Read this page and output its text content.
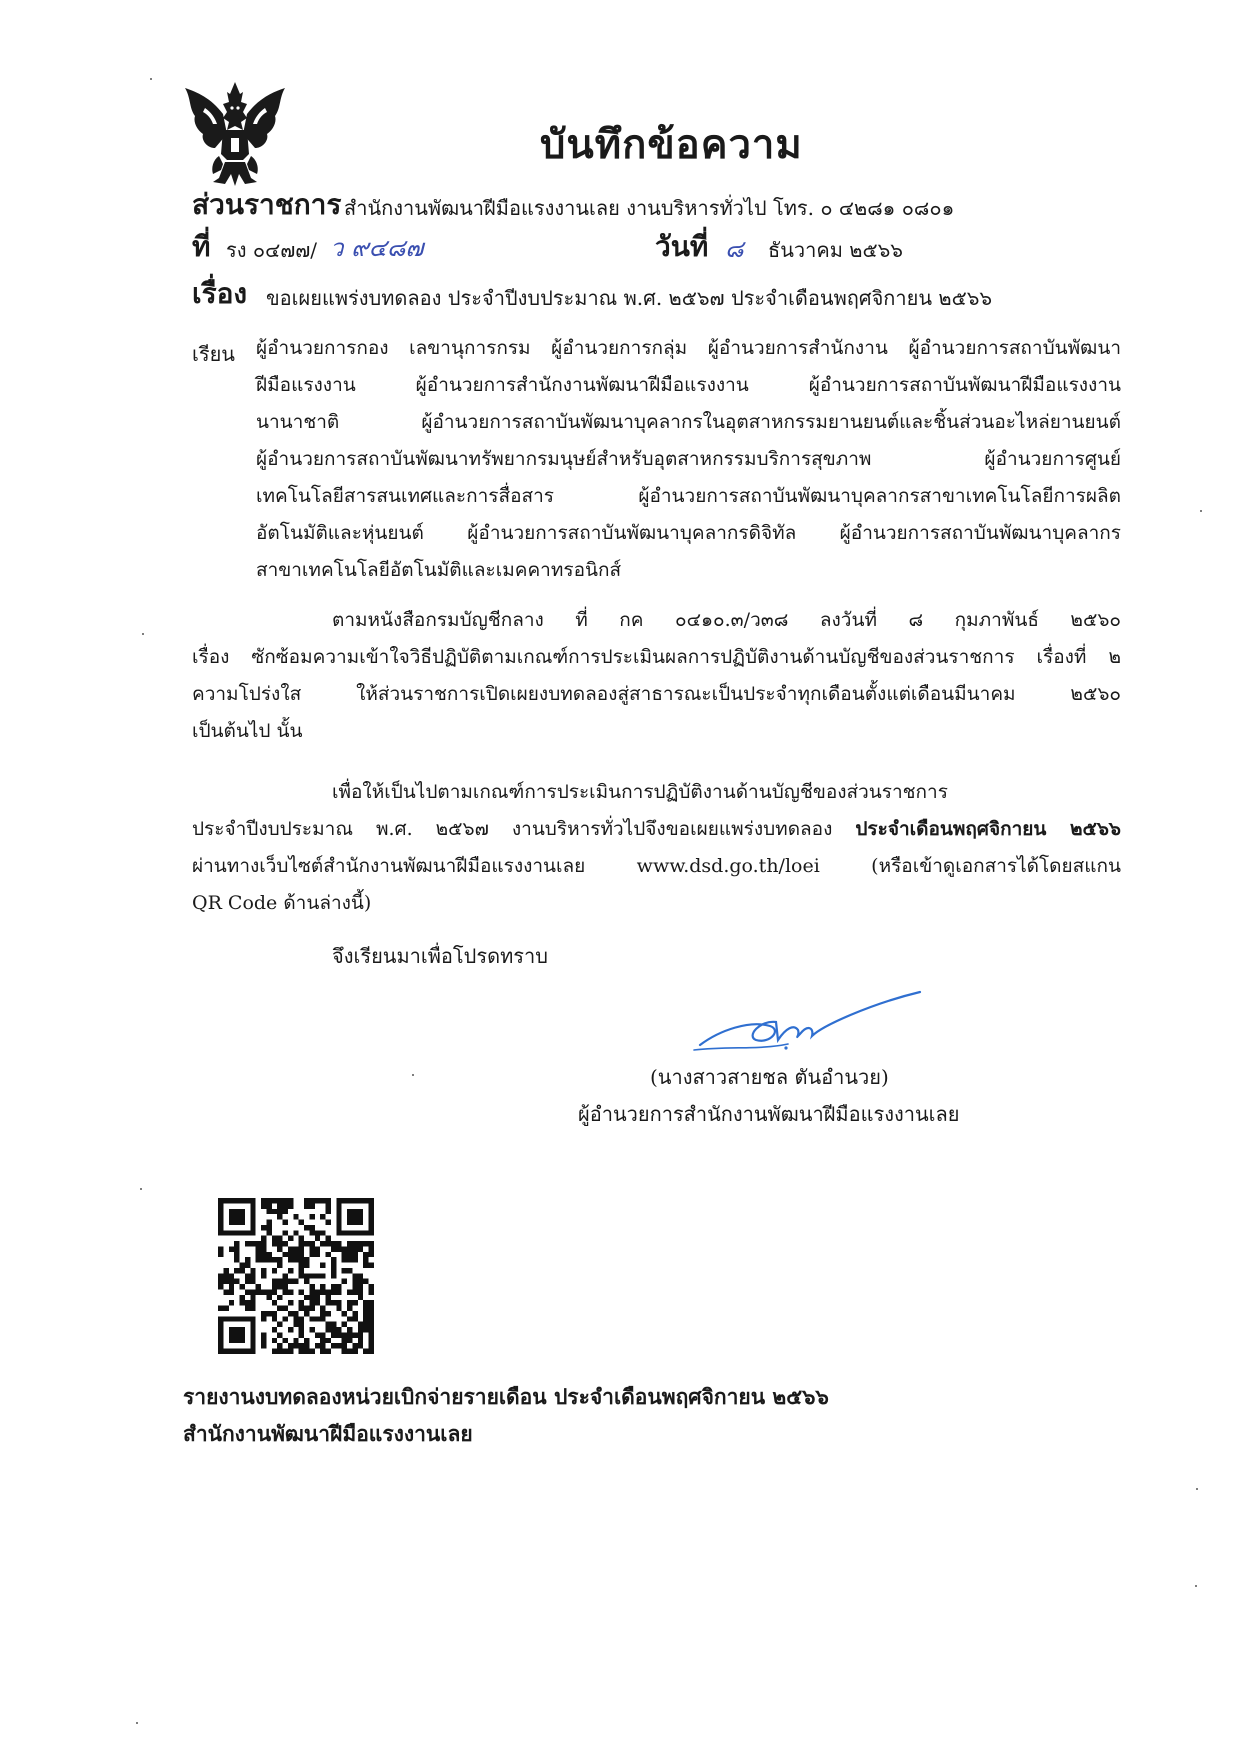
บันทึกข้อความ
ส่วนราชการ สำนักงานพัฒนาฝีมือแรงงานเลย งานบริหารทั่วไป โทร. ๐ ๔๒๘๑ ๐๘๐๑
ที่ รง ๐๔๗๗/ ว ๙๔๘๗	วันที่ ๘ ธันวาคม ๒๕๖๖
เรื่อง ขอเผยแพร่งบทดลอง ประจำปีงบประมาณ พ.ศ. ๒๕๖๗ ประจำเดือนพฤศจิกายน ๒๕๖๖
เรียน ผู้อำนวยการกอง เลขานุการกรม ผู้อำนวยการกลุ่ม ผู้อำนวยการสำนักงาน ผู้อำนวยการสถาบันพัฒนา
ฝีมือแรงงาน ผู้อำนวยการสำนักงานพัฒนาฝีมือแรงงาน ผู้อำนวยการสถาบันพัฒนาฝีมือแรงงาน
นานาชาติ ผู้อำนวยการสถาบันพัฒนาบุคลากรในอุตสาหกรรมยานยนต์และชิ้นส่วนอะไหล่ยานยนต์
ผู้อำนวยการสถาบันพัฒนาทรัพยากรมนุษย์สำหรับอุตสาหกรรมบริการสุขภาพ ผู้อำนวยการศูนย์
เทคโนโลยีสารสนเทศและการสื่อสาร ผู้อำนวยการสถาบันพัฒนาบุคลากรสาขาเทคโนโลยีการผลิต
อัตโนมัติและหุ่นยนต์ ผู้อำนวยการสถาบันพัฒนาบุคลากรดิจิทัล ผู้อำนวยการสถาบันพัฒนาบุคลากร
สาขาเทคโนโลยีอัตโนมัติและเมคคาทรอนิกส์
ตามหนังสือกรมบัญชีกลาง ที่ กค ๐๔๑๐.๓/ว๓๘ ลงวันที่ ๘ กุมภาพันธ์ ๒๕๖๐
เรื่อง ซักซ้อมความเข้าใจวิธีปฏิบัติตามเกณฑ์การประเมินผลการปฏิบัติงานด้านบัญชีของส่วนราชการ เรื่องที่ ๒
ความโปร่งใส ให้ส่วนราชการเปิดเผยงบทดลองสู่สาธารณะเป็นประจำทุกเดือนตั้งแต่เดือนมีนาคม ๒๕๖๐
เป็นต้นไป นั้น
เพื่อให้เป็นไปตามเกณฑ์การประเมินการปฏิบัติงานด้านบัญชีของส่วนราชการ
ประจำปีงบประมาณ พ.ศ. ๒๕๖๗ งานบริหารทั่วไปจึงขอเผยแพร่งบทดลอง ประจำเดือนพฤศจิกายน ๒๕๖๖
ผ่านทางเว็บไซต์สำนักงานพัฒนาฝีมือแรงงานเลย www.dsd.go.th/loei (หรือเข้าดูเอกสารได้โดยสแกน
QR Code ด้านล่างนี้)
จึงเรียนมาเพื่อโปรดทราบ
(นางสาวสายชล ตันอำนวย)
ผู้อำนวยการสำนักงานพัฒนาฝีมือแรงงานเลย
รายงานงบทดลองหน่วยเบิกจ่ายรายเดือน ประจำเดือนพฤศจิกายน ๒๕๖๖
สำนักงานพัฒนาฝีมือแรงงานเลย
